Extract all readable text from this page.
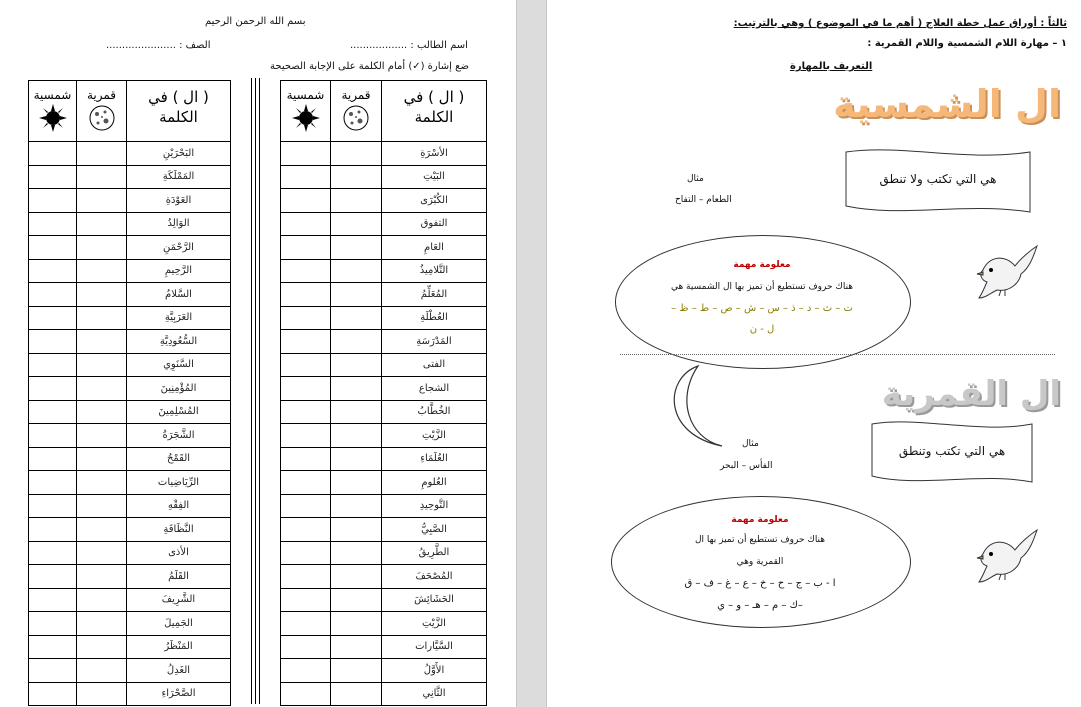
بسم الله الرحمن الرحيم
اسم الطالب : ..................
الصف : ......................
ضع إشارة (✓) أمام الكلمة على الإجابة الصحيحة
شمسية	قمرية	( ال ) في الكلمة

		الأسْرَةِ
		البَيْتِ
		الكُبْرَى
		التفوق
		العَامِ
		التَّلامِيذُ
		المُعَلِّمُ
		العُطْلَةِ
		المَدْرَسَةِ
		الفتى
		الشجاع
		الخُطَّابُ
		الزَّيْتِ
		العُلَمَاءِ
		العُلومِ
		التَّوحِيدِ
		الصَّبِيُّ
		الطَّرِيقُ
		المُصْحَفَ
		الحَشَائِشَ
		الزَّيْتِ
		السَّيَّارات
		الأَوَّلُ
		الثَّانِي
شمسية	قمرية	( ال ) في الكلمة

		البَحْرَيْنِ
		المَمْلَكَةِ
		العَوْدَةِ
		الوَالِدُ
		الرَّحْمَنِ
		الرَّحِيمِ
		السَّلامُ
		العَرَبِيَّةِ
		السُّعُودِيَّةِ
		السَّنَوِي
		المُؤْمِنِينَ
		المُسْلِمِينَ
		الشَّجَرَةُ
		القَمْحُ
		الرِّيَاضِيات
		الفِقْهِ
		النَّظَافَةِ
		الأذى
		القَلَمُ
		الشَّرِيفَ
		الجَمِيلَ
		المَنْظَرُ
		الغَدِلُ
		الصَّحْرَاءِ
ثالثاً : أوراق عمل خطة العلاج ( أهم ما في الموضوع ) وهي بالترتيب:
١ – مهارة اللام الشمسية واللام القمرية :
التعريف بالمهارة
ال الشمسية
هي التي تكتب ولا تنطق
مثال
الطعام – التفاح
معلومة مهمة
هناك حروف تستطيع أن تميز بها ال الشمسية هي
ت – ث – د – ذ – س – ش – ص – ط – ظ –
ل - ن
ال القمرية
هي التي تكتب وتنطق
مثال
الفأس – البحر
معلومة مهمة
هناك حروف تستطيع أن تميز بها ال
القمرية وهي
ا - ب – ج – ح – خ – ع – غ – ف – ق
–ك – م – هـ – و – ي
